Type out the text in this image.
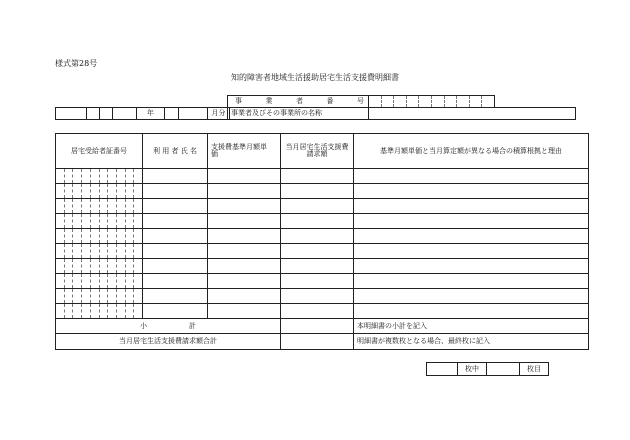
様式第28号
知的障害者地域生活援助居宅生活支援費明細書
				年			月分
事 業 者 番 号		

事業者及びその事業所の名称		
居宅受給者証番号	利 用 者 氏 名	支援費基準月額単　　　価	当月居宅生活支援費請求額	基準月額単価と当月算定額が異なる場合の積算根拠と理由

小　　　　　　計				本明細書の小計を記入
当月居宅生活支援費請求額合計				明細書が複数枚となる場合、最終枚に記入
	枚中		枚目
